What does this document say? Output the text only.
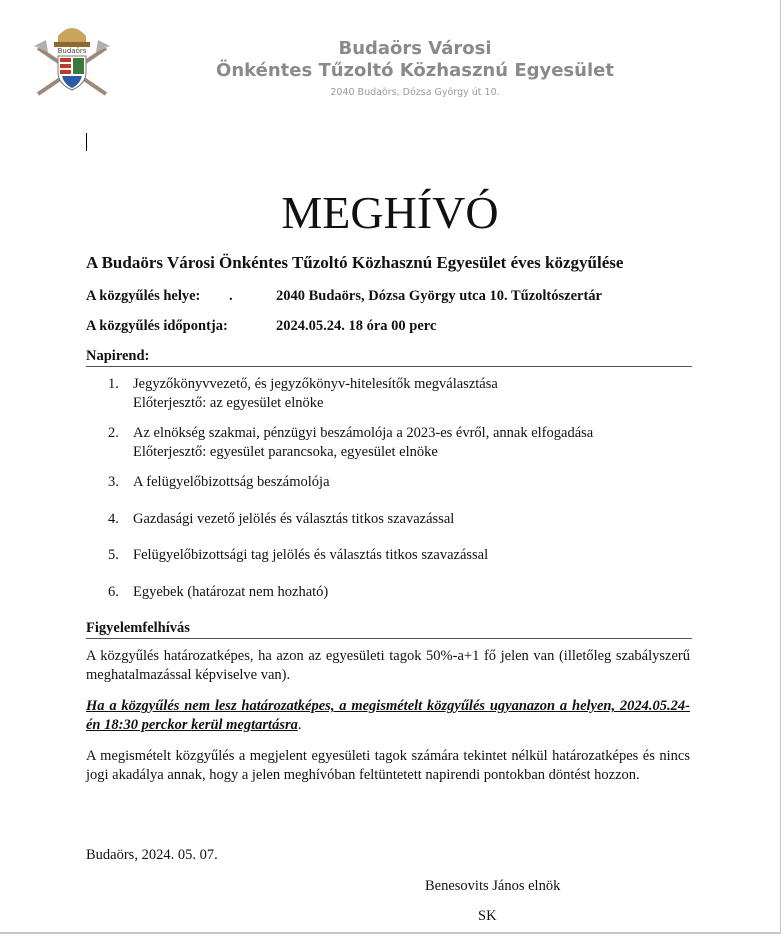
Budaörs	Budaörs Városi
Önkéntes Tűzoltó Közhasznú Egyesület
2040 Budaörs, Dózsa György út 10.
MEGHÍVÓ
A Budaörs Városi Önkéntes Tűzoltó Közhasznú Egyesület éves közgyűlése
A közgyűlés helye: .	2040 Budaörs, Dózsa György utca 10. Tűzoltószertár
A közgyűlés időpontja:	2024.05.24. 18 óra 00 perc
Napirend:
1. Jegyzőkönyvvezető, és jegyzőkönyv-hitelesítők megválasztása
Előterjesztő: az egyesület elnöke
2. Az elnökség szakmai, pénzügyi beszámolója a 2023-es évről, annak elfogadása
Előterjesztő: egyesület parancsoka, egyesület elnöke
3. A felügyelőbizottság beszámolója
4. Gazdasági vezető jelölés és választás titkos szavazással
5. Felügyelőbizottsági tag jelölés és választás titkos szavazással
6. Egyebek (határozat nem hozható)
Figyelemfelhívás
A közgyűlés határozatképes, ha azon az egyesületi tagok 50%-a+1 fő jelen van (illetőleg szabályszerű meghatalmazással képviselve van).
Ha a közgyűlés nem lesz határozatképes, a megismételt közgyűlés ugyanazon a helyen, 2024.05.24-én 18:30 perckor kerül megtartásra.
A megismételt közgyűlés a megjelent egyesületi tagok számára tekintet nélkül határozatképes és nincs jogi akadálya annak, hogy a jelen meghívóban feltüntetett napirendi pontokban döntést hozzon.
Budaörs, 2024. 05. 07.
Benesovits János elnök
SK
